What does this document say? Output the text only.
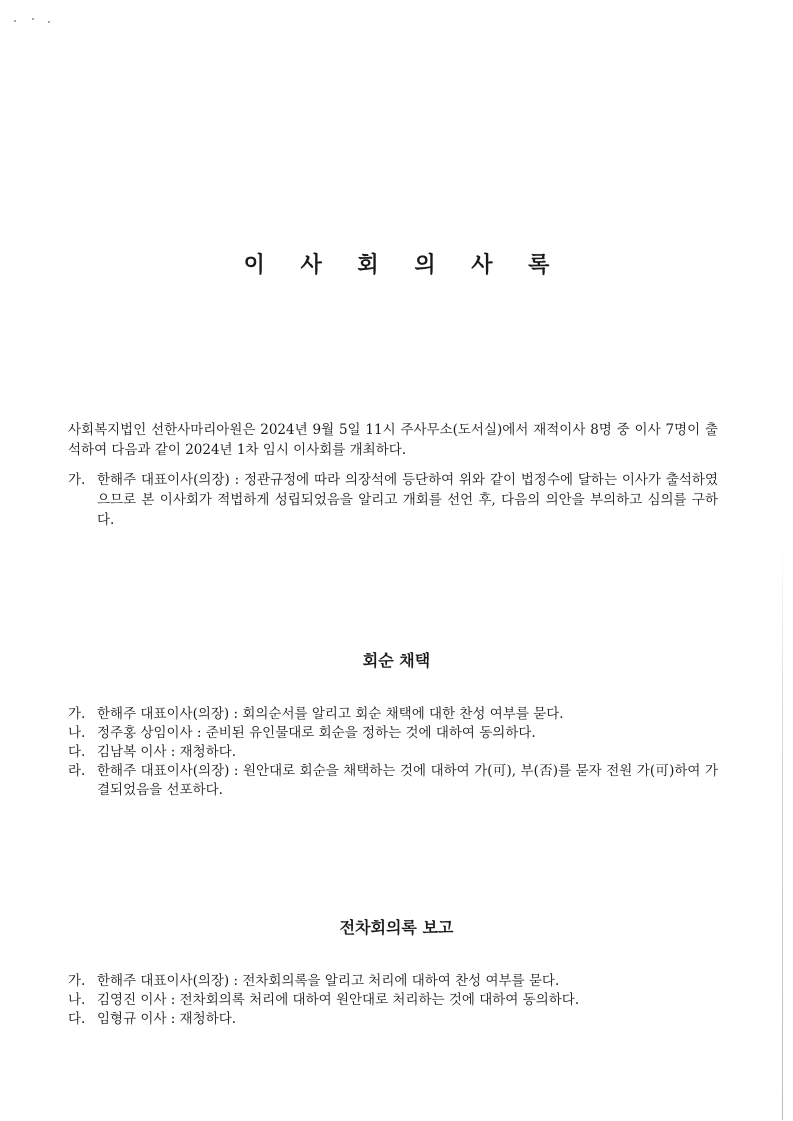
이 사 회 의 사 록

사회복지법인 선한사마리아원은 2024년 9월 5일 11시 주사무소(도서실)에서 재적이사 8명 중 이사 7명이 출석하여 다음과 같이 2024년 1차 임시 이사회를 개최하다.

가. 한해주 대표이사(의장) : 정관규정에 따라 의장석에 등단하여 위와 같이 법정수에 달하는 이사가 출석하였으므로 본 이사회가 적법하게 성립되었음을 알리고 개회를 선언 후, 다음의 의안을 부의하고 심의를 구하다.
회순 채택
가. 한해주 대표이사(의장) : 회의순서를 알리고 회순 채택에 대한 찬성 여부를 묻다.
나. 정주홍 상임이사 : 준비된 유인물대로 회순을 정하는 것에 대하여 동의하다.
다. 김남복 이사 : 재청하다.
라. 한해주 대표이사(의장) : 원안대로 회순을 채택하는 것에 대하여 가(可), 부(否)를 묻자 전원 가(可)하여 가결되었음을 선포하다.
전차회의록 보고
가. 한해주 대표이사(의장) : 전차회의록을 알리고 처리에 대하여 찬성 여부를 묻다.
나. 김영진 이사 : 전차회의록 처리에 대하여 원안대로 처리하는 것에 대하여 동의하다.
다. 임형규 이사 : 재청하다.
